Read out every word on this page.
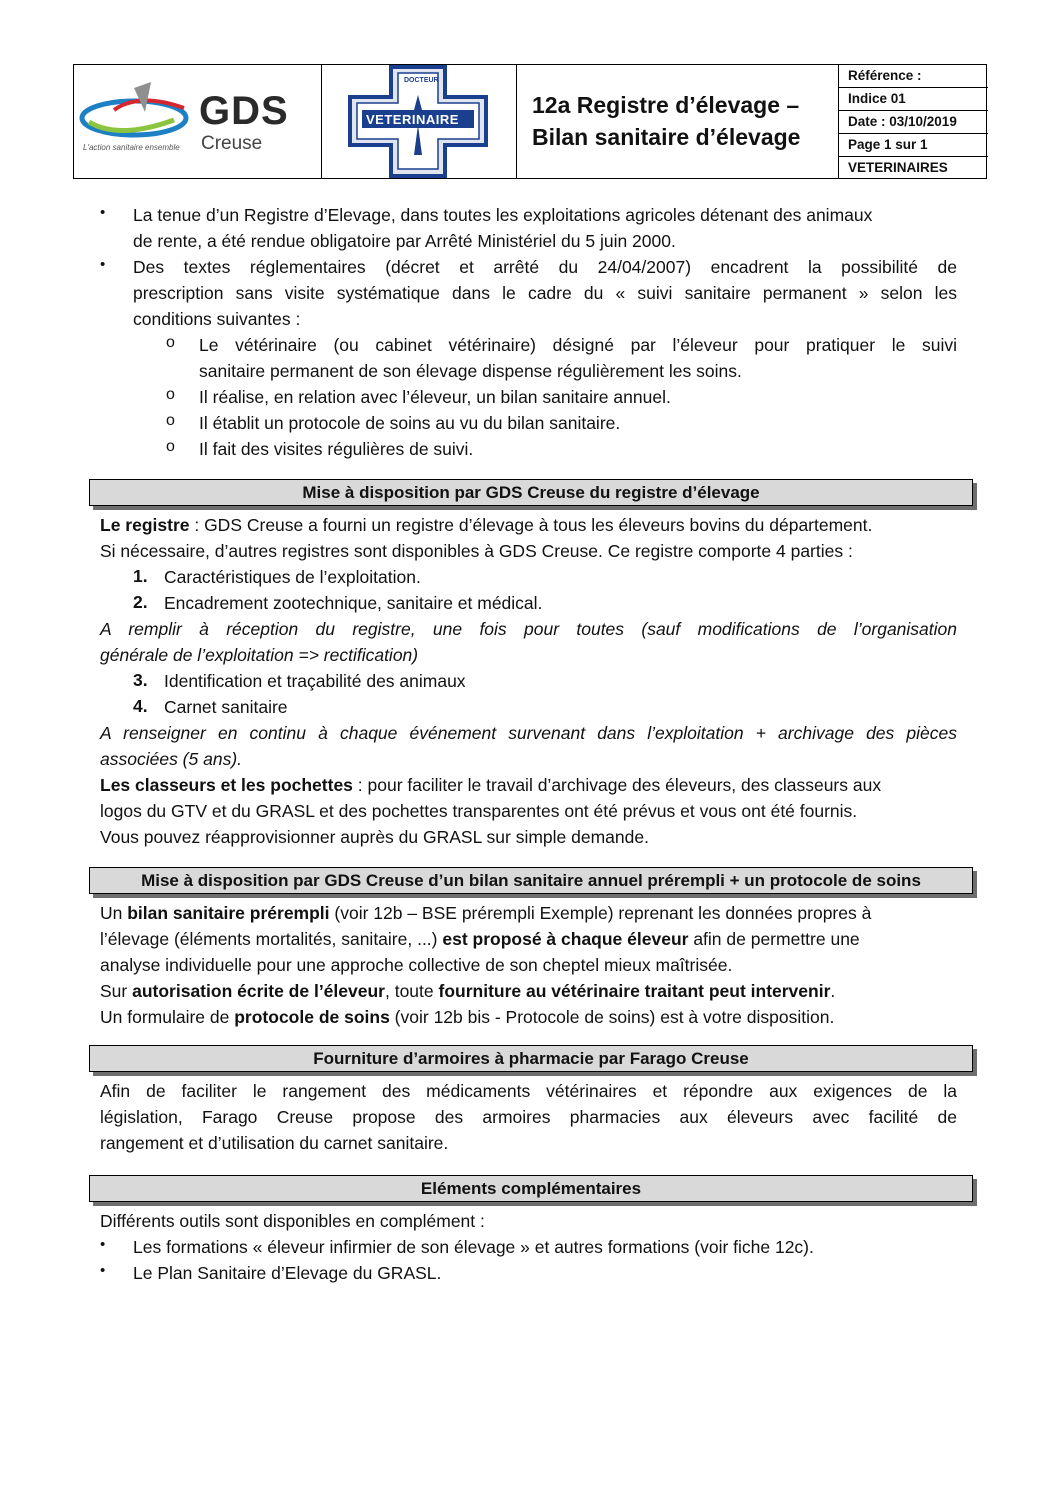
GDS
Creuse
L'action sanitaire ensemble
DOCTEUR
VETERINAIRE
12a Registre d’élevage –
Bilan sanitaire d’élevage
Référence :
Indice 01
Date : 03/10/2019
Page 1 sur 1
VETERINAIRES
• La tenue d’un Registre d’Elevage, dans toutes les exploitations agricoles détenant des animaux
de rente, a été rendue obligatoire par Arrêté Ministériel du 5 juin 2000.
• Des textes réglementaires (décret et arrêté du 24/04/2007) encadrent la possibilité de
prescription sans visite systématique dans le cadre du « suivi sanitaire permanent » selon les
conditions suivantes :
o Le vétérinaire (ou cabinet vétérinaire) désigné par l’éleveur pour pratiquer le suivi
sanitaire permanent de son élevage dispense régulièrement les soins.
o Il réalise, en relation avec l’éleveur, un bilan sanitaire annuel.
o Il établit un protocole de soins au vu du bilan sanitaire.
o Il fait des visites régulières de suivi.
Mise à disposition par GDS Creuse du registre d’élevage
Le registre : GDS Creuse a fourni un registre d’élevage à tous les éleveurs bovins du département.
Si nécessaire, d’autres registres sont disponibles à GDS Creuse. Ce registre comporte 4 parties :
1. Caractéristiques de l’exploitation.
2. Encadrement zootechnique, sanitaire et médical.
A remplir à réception du registre, une fois pour toutes (sauf modifications de l’organisation
générale de l’exploitation => rectification)
3. Identification et traçabilité des animaux
4. Carnet sanitaire
A renseigner en continu à chaque événement survenant dans l’exploitation + archivage des pièces
associées (5 ans).
Les classeurs et les pochettes : pour faciliter le travail d’archivage des éleveurs, des classeurs aux
logos du GTV et du GRASL et des pochettes transparentes ont été prévus et vous ont été fournis.
Vous pouvez réapprovisionner auprès du GRASL sur simple demande.
Mise à disposition par GDS Creuse d’un bilan sanitaire annuel prérempli + un protocole de soins
Un bilan sanitaire prérempli (voir 12b – BSE prérempli Exemple) reprenant les données propres à
l’élevage (éléments mortalités, sanitaire, ...) est proposé à chaque éleveur afin de permettre une
analyse individuelle pour une approche collective de son cheptel mieux maîtrisée.
Sur autorisation écrite de l’éleveur, toute fourniture au vétérinaire traitant peut intervenir.
Un formulaire de protocole de soins (voir 12b bis - Protocole de soins) est à votre disposition.
Fourniture d’armoires à pharmacie par Farago Creuse
Afin de faciliter le rangement des médicaments vétérinaires et répondre aux exigences de la
législation, Farago Creuse propose des armoires pharmacies aux éleveurs avec facilité de
rangement et d’utilisation du carnet sanitaire.
Eléments complémentaires
Différents outils sont disponibles en complément :
• Les formations « éleveur infirmier de son élevage » et autres formations (voir fiche 12c).
• Le Plan Sanitaire d’Elevage du GRASL.
